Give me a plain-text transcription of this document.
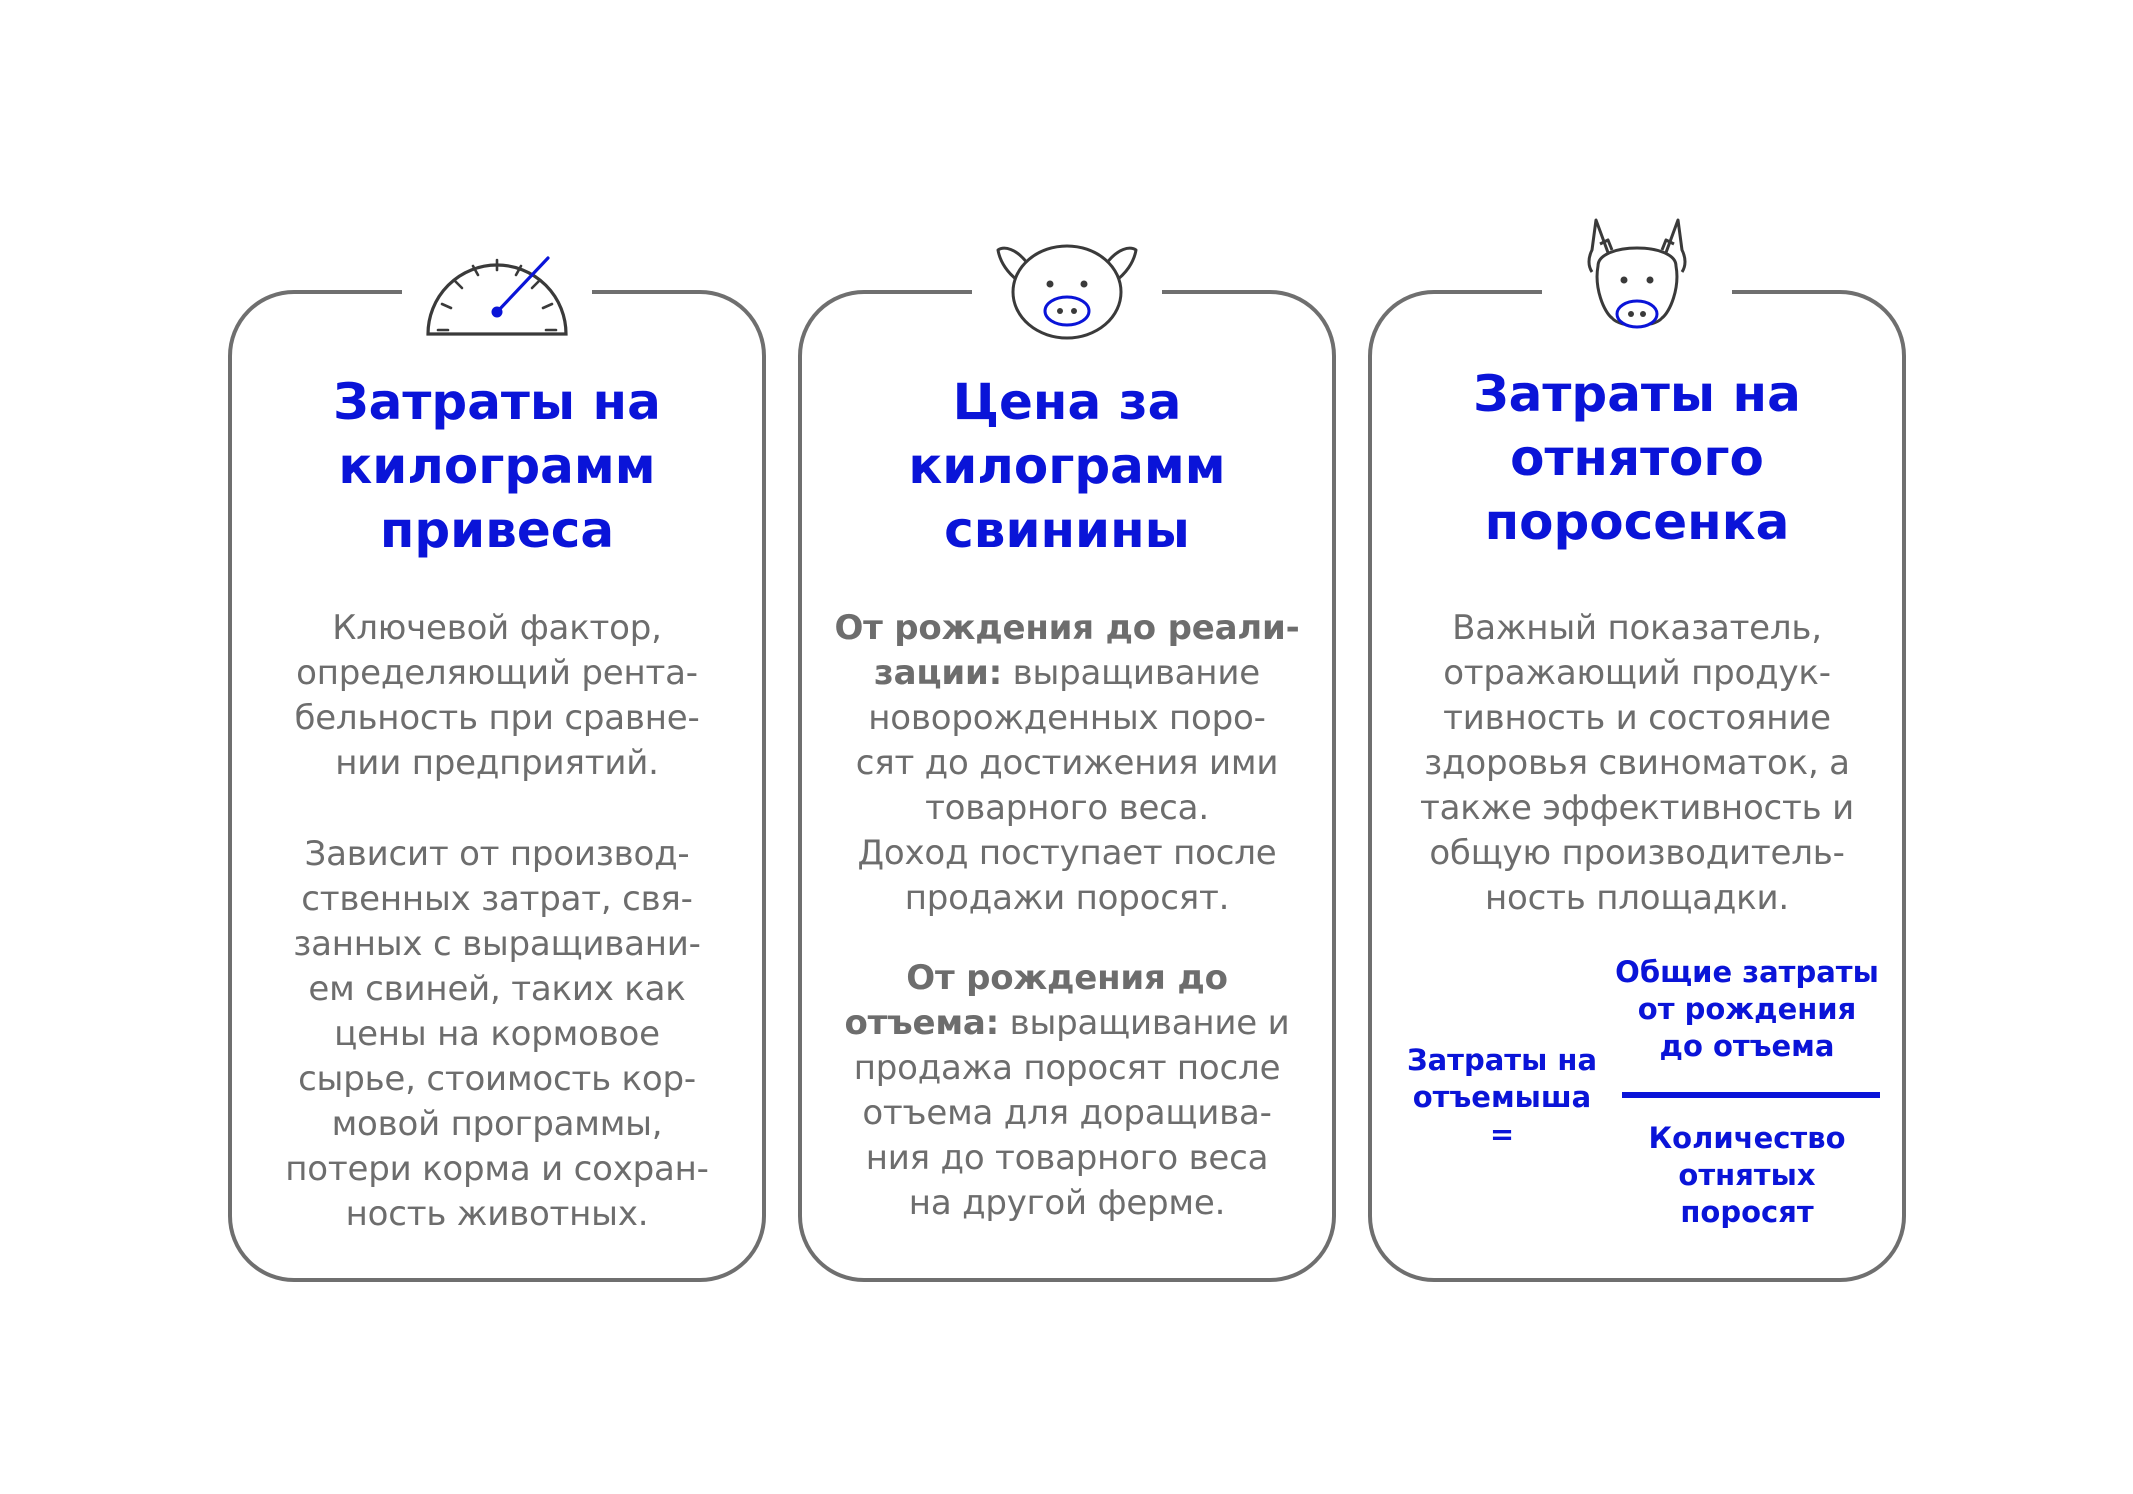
Затраты на
килограмм
привеса

Ключевой фактор,
определяющий рента-
бельность при сравне-
нии предприятий.

Зависит от производ-
ственных затрат, свя-
занных с выращивани-
ем свиней, таких как
цены на кормовое
сырье, стоимость кор-
мовой программы,
потери корма и сохран-
ность животных.

Цена за
килограмм
свинины

От рождения до реали-
зации: выращивание
новорожденных поро-
сят до достижения ими
товарного веса.
Доход поступает после
продажи поросят.

От рождения до
отъема: выращивание и
продажа поросят после
отъема для доращива-
ния до товарного веса
на другой ферме.

Затраты на
отнятого
поросенка

Важный показатель,
отражающий продук-
тивность и состояние
здоровья свиноматок, а
также эффективность и
общую производитель-
ность площадки.

Затраты на
отъемыша =
Общие затраты
от рождения
до отъема
Количество
отнятых
поросят
